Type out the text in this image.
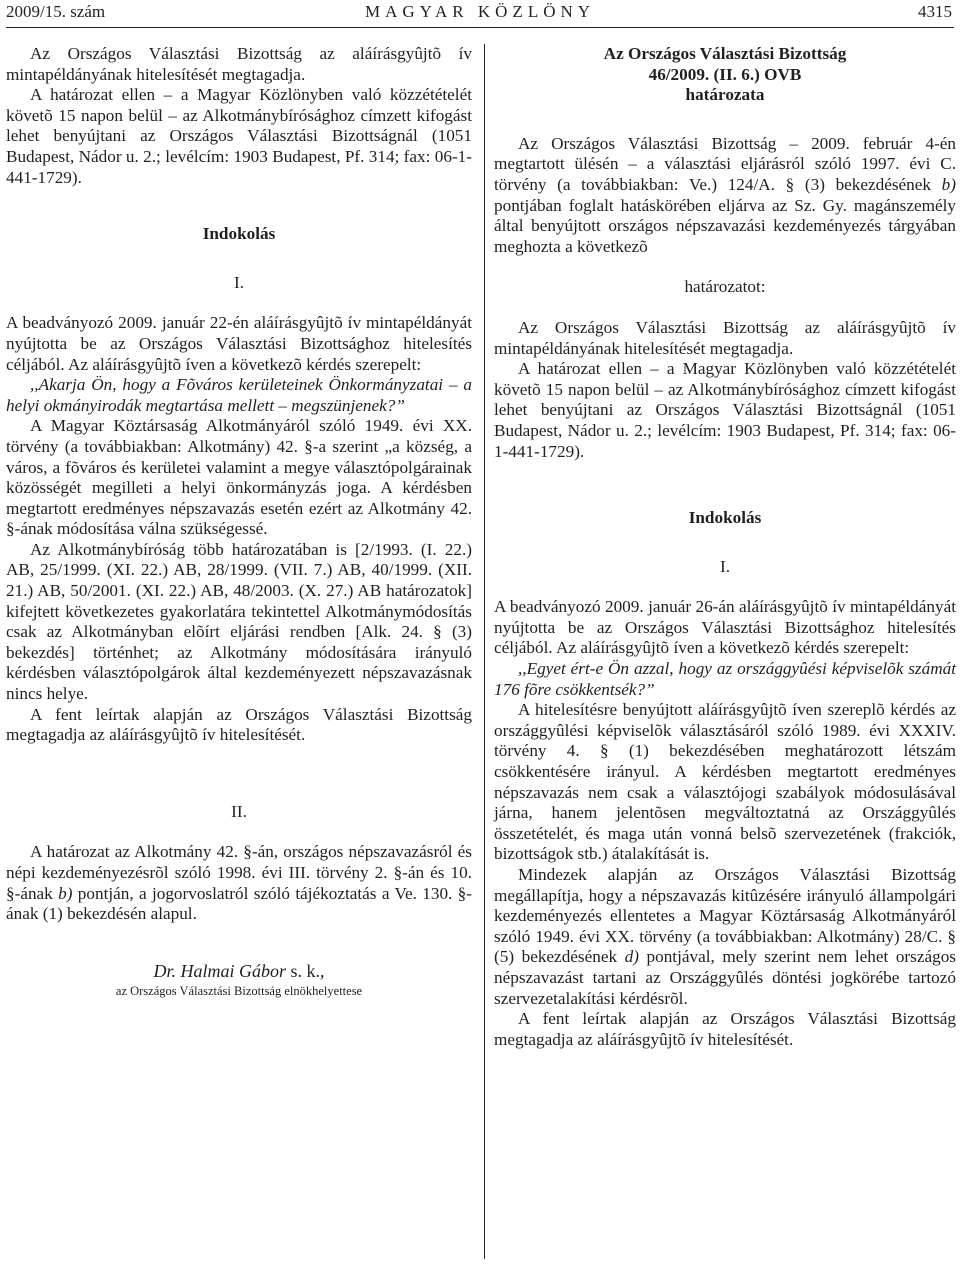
2009/15. szám	MAGYAR KÖZLÖNY	4315

Az Országos Választási Bizottság az aláírásgyûjtõ ív mintapéldányának hitelesítését megtagadja.

A határozat ellen – a Magyar Közlönyben való közzétételét követõ 15 napon belül – az Alkotmánybírósághoz címzett kifogást lehet benyújtani az Országos Választási Bizottságnál (1051 Budapest, Nádor u. 2.; levélcím: 1903 Budapest, Pf. 314; fax: 06-1-441-1729).

Indokolás

I.

A beadványozó 2009. január 22-én aláírásgyûjtõ ív mintapéldányát nyújtotta be az Országos Választási Bizottsághoz hitelesítés céljából. Az aláírásgyûjtõ íven a következõ kérdés szerepelt:

,,Akarja Ön, hogy a Fõváros kerületeinek Önkormányzatai – a helyi okmányirodák megtartása mellett – megszünjenek?”

A Magyar Köztársaság Alkotmányáról szóló 1949. évi XX. törvény (a továbbiakban: Alkotmány) 42. §-a szerint „a község, a város, a fõváros és kerületei valamint a megye választópolgárainak közösségét megilleti a helyi önkormányzás joga. A kérdésben megtartott eredményes népszavazás esetén ezért az Alkotmány 42. §-ának módosítása válna szükségessé.

Az Alkotmánybíróság több határozatában is [2/1993. (I. 22.) AB, 25/1999. (XI. 22.) AB, 28/1999. (VII. 7.) AB, 40/1999. (XII. 21.) AB, 50/2001. (XI. 22.) AB, 48/2003. (X. 27.) AB határozatok] kifejtett következetes gyakorlatára tekintettel Alkotmánymódosítás csak az Alkotmányban elõírt eljárási rendben [Alk. 24. § (3) bekezdés] történhet; az Alkotmány módosítására irányuló kérdésben választópolgárok által kezdeményezett népszavazásnak nincs helye.

A fent leírtak alapján az Országos Választási Bizottság megtagadja az aláírásgyûjtõ ív hitelesítését.

II.

A határozat az Alkotmány 42. §-án, országos népszavazásról és népi kezdeményezésrõl szóló 1998. évi III. törvény 2. §-án és 10. §-ának b) pontján, a jogorvoslatról szóló tájékoztatás a Ve. 130. §-ának (1) bekezdésén alapul.

Dr. Halmai Gábor s. k.,

az Országos Választási Bizottság elnökhelyettese

Az Országos Választási Bizottság

46/2009. (II. 6.) OVB

határozata

Az Országos Választási Bizottság – 2009. február 4-én megtartott ülésén – a választási eljárásról szóló 1997. évi C. törvény (a továbbiakban: Ve.) 124/A. § (3) bekezdésének b) pontjában foglalt hatáskörében eljárva az Sz. Gy. magánszemély által benyújtott országos népszavazási kezdeményezés tárgyában meghozta a következõ

határozatot:

Az Országos Választási Bizottság az aláírásgyûjtõ ív mintapéldányának hitelesítését megtagadja.

A határozat ellen – a Magyar Közlönyben való közzétételét követõ 15 napon belül – az Alkotmánybírósághoz címzett kifogást lehet benyújtani az Országos Választási Bizottságnál (1051 Budapest, Nádor u. 2.; levélcím: 1903 Budapest, Pf. 314; fax: 06-1-441-1729).

Indokolás

I.

A beadványozó 2009. január 26-án aláírásgyûjtõ ív mintapéldányát nyújtotta be az Országos Választási Bizottsághoz hitelesítés céljából. Az aláírásgyûjtõ íven a következõ kérdés szerepelt:

,,Egyet ért-e Ön azzal, hogy az országgyûési képviselõk számát 176 fõre csökkentsék?”

A hitelesítésre benyújtott aláírásgyûjtõ íven szereplõ kérdés az országgyûlési képviselõk választásáról szóló 1989. évi XXXIV. törvény 4. § (1) bekezdésében meghatározott létszám csökkentésére irányul. A kérdésben megtartott eredményes népszavazás nem csak a választójogi szabályok módosulásával járna, hanem jelentõsen megváltoztatná az Országgyûlés összetételét, és maga után vonná belsõ szervezetének (frakciók, bizottságok stb.) átalakítását is.

Mindezek alapján az Országos Választási Bizottság megállapítja, hogy a népszavazás kitûzésére irányuló állampolgári kezdeményezés ellentetes a Magyar Köztársaság Alkotmányáról szóló 1949. évi XX. törvény (a továbbiakban: Alkotmány) 28/C. § (5) bekezdésének d) pontjával, mely szerint nem lehet országos népszavazást tartani az Országgyûlés döntési jogkörébe tartozó szervezetalakítási kérdésrõl.

A fent leírtak alapján az Országos Választási Bizottság megtagadja az aláírásgyûjtõ ív hitelesítését.
